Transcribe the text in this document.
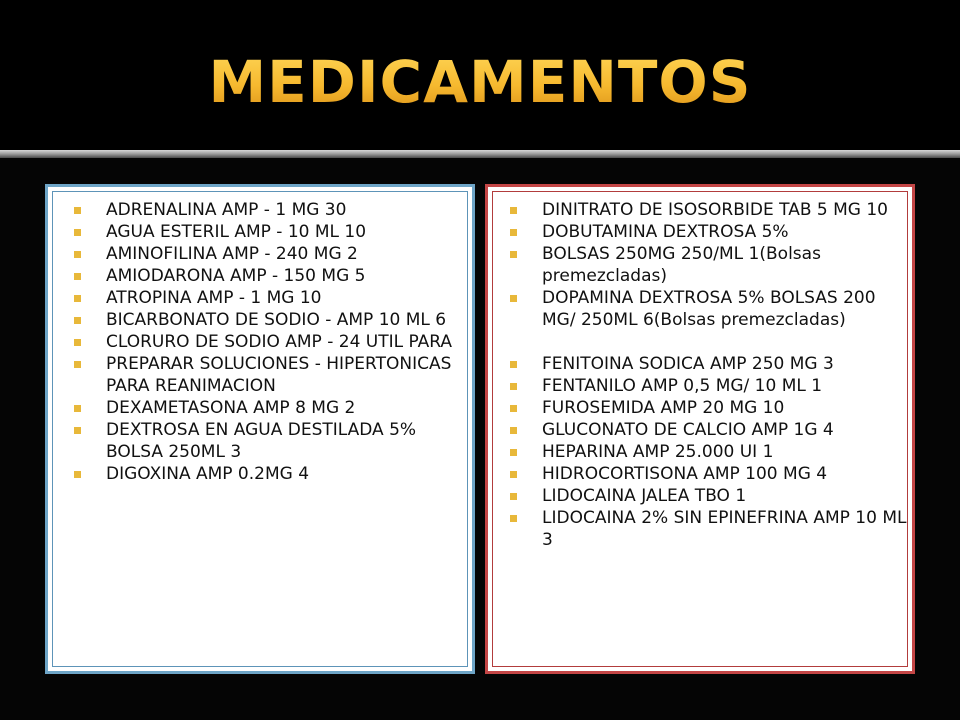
MEDICAMENTOS
ADRENALINA AMP - 1 MG 30
AGUA ESTERIL AMP - 10 ML 10
AMINOFILINA AMP - 240 MG 2
AMIODARONA AMP - 150 MG 5
ATROPINA AMP - 1 MG 10
BICARBONATO DE SODIO - AMP 10 ML 6
CLORURO DE SODIO AMP - 24 UTIL PARA
PREPARAR SOLUCIONES - HIPERTONICAS PARA REANIMACION
DEXAMETASONA AMP 8 MG 2
DEXTROSA EN AGUA DESTILADA 5% BOLSA 250ML 3
DIGOXINA AMP 0.2MG 4
DINITRATO DE ISOSORBIDE TAB 5 MG 10
DOBUTAMINA DEXTROSA 5%
BOLSAS 250MG 250/ML 1(Bolsas premezcladas)
DOPAMINA DEXTROSA 5% BOLSAS 200 MG/ 250ML 6(Bolsas premezcladas)
FENITOINA SODICA AMP 250 MG 3
FENTANILO AMP 0,5 MG/ 10 ML 1
FUROSEMIDA AMP 20 MG 10
GLUCONATO DE CALCIO AMP 1G 4
HEPARINA AMP 25.000 UI 1
HIDROCORTISONA AMP 100 MG 4
LIDOCAINA JALEA TBO 1
LIDOCAINA 2% SIN EPINEFRINA AMP 10 ML 3
